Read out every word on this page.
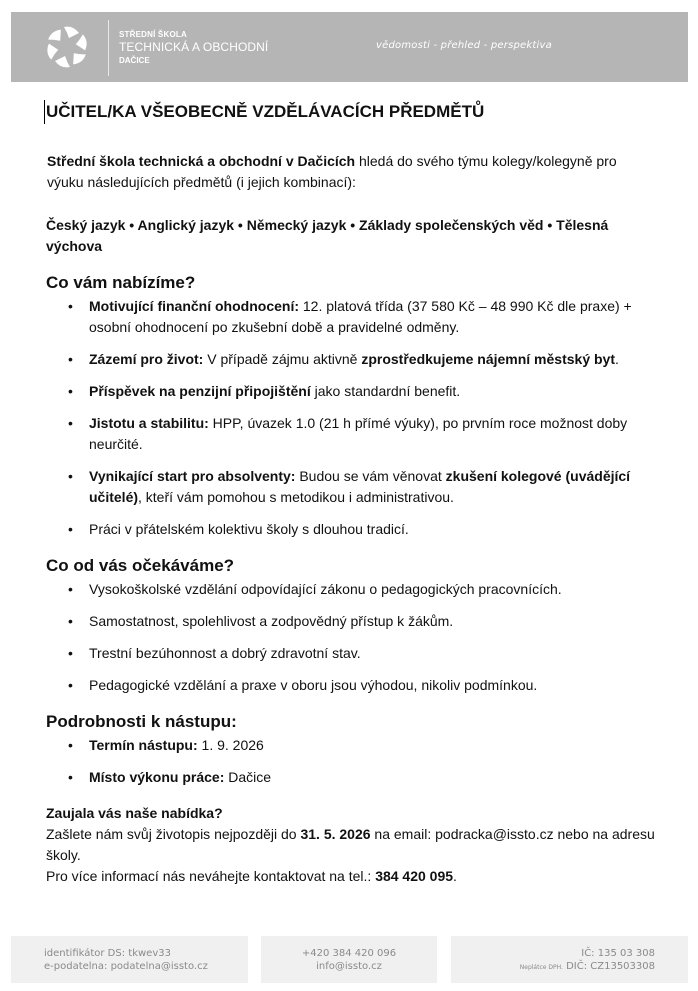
STŘEDNÍ ŠKOLA
TECHNICKÁ A OBCHODNÍ
DAČICE
vědomosti - přehled - perspektiva
UČITEL/KA VŠEOBECNĚ VZDĚLÁVACÍCH PŘEDMĚTŮ

Střední škola technická a obchodní v Dačicích hledá do svého týmu kolegy/kolegyně pro výuku následujících předmětů (i jejich kombinací):

Český jazyk • Anglický jazyk • Německý jazyk • Základy společenských věd • Tělesná výchova

Co vám nabízíme?
• Motivující finanční ohodnocení: 12. platová třída (37 580 Kč – 48 990 Kč dle praxe) + osobní ohodnocení po zkušební době a pravidelné odměny.
• Zázemí pro život: V případě zájmu aktivně zprostředkujeme nájemní městský byt.
• Příspěvek na penzijní připojištění jako standardní benefit.
• Jistotu a stabilitu: HPP, úvazek 1.0 (21 h přímé výuky), po prvním roce možnost doby neurčité.
• Vynikající start pro absolventy: Budou se vám věnovat zkušení kolegové (uvádějící učitelé), kteří vám pomohou s metodikou i administrativou.
• Práci v přátelském kolektivu školy s dlouhou tradicí.
Co od vás očekáváme?
• Vysokoškolské vzdělání odpovídající zákonu o pedagogických pracovnících.
• Samostatnost, spolehlivost a zodpovědný přístup k žákům.
• Trestní bezúhonnost a dobrý zdravotní stav.
• Pedagogické vzdělání a praxe v oboru jsou výhodou, nikoliv podmínkou.
Podrobnosti k nástupu:
• Termín nástupu: 1. 9. 2026
• Místo výkonu práce: Dačice

Zaujala vás naše nabídka?

Zašlete nám svůj životopis nejpozději do 31. 5. 2026 na email: podracka@issto.cz nebo na adresu školy.

Pro více informací nás neváhejte kontaktovat na tel.: 384 420 095.

identifikátor DS: tkwev33
e-podatelna: podatelna@issto.cz
+420 384 420 096
info@issto.cz
IČ: 135 03 308
Neplátce DPH. DIČ: CZ13503308
